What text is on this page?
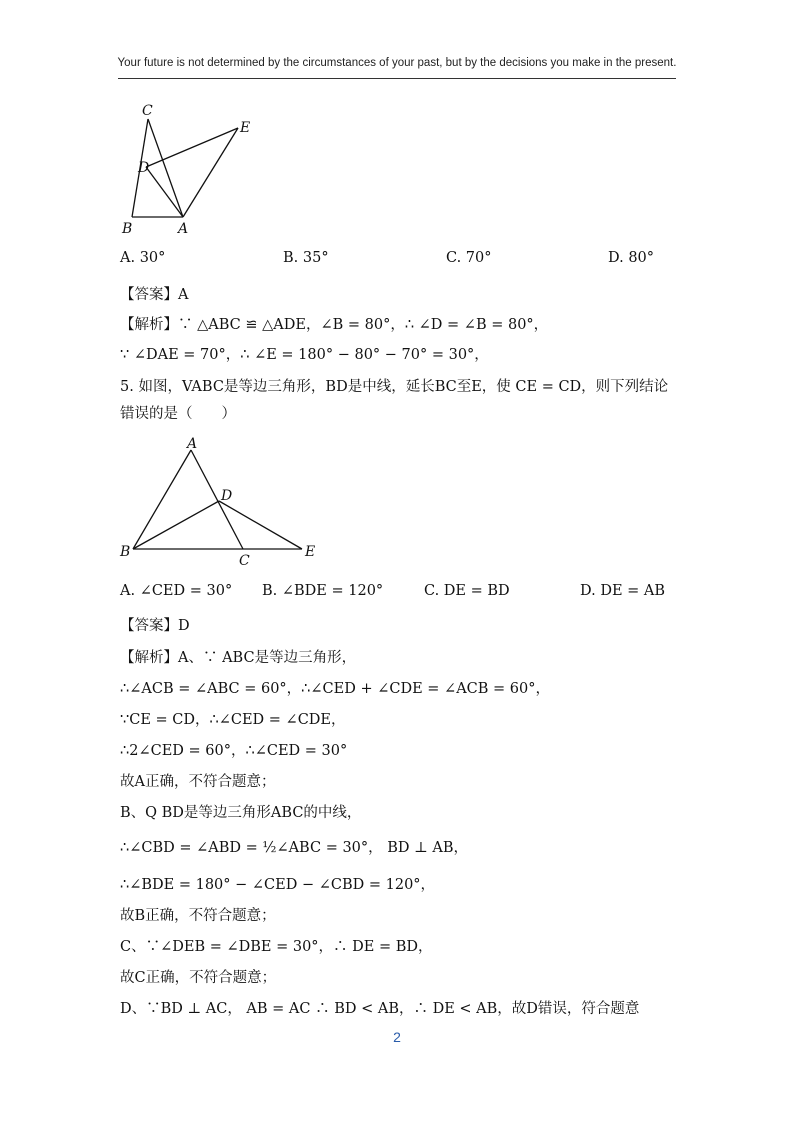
Your future is not determined by the circumstances of your past, but by the decisions you make in the present.
C
E
D
B	A
A. 30°	B. 35°	C. 70°	D. 80°
【答案】A
【解析】∵ △ABC ≌ △ADE，∠B = 80°，∴ ∠D = ∠B = 80°，
∵ ∠DAE = 70°，∴ ∠E = 180° − 80° − 70° = 30°，
5. 如图，VABC是等边三角形，BD是中线，延长BC至E，使 CE = CD，则下列结论
错误的是（　　）
A
D
B
C
E
A. ∠CED = 30° B. ∠BDE = 120°	C. DE = BD	D. DE = AB
【答案】D
【解析】A、∵ ABC是等边三角形，
∴∠ACB = ∠ABC = 60°，∴∠CED + ∠CDE = ∠ACB = 60°，
∵CE = CD，∴∠CED = ∠CDE，
∴2∠CED = 60°，∴∠CED = 30°
故A正确，不符合题意；
B、Q BD是等边三角形ABC的中线，
∴∠CBD = ∠ABD = ½∠ABC = 30°， BD ⊥ AB，
∴∠BDE = 180° − ∠CED − ∠CBD = 120°，
故B正确，不符合题意；
C、∵∠DEB = ∠DBE = 30°，∴ DE = BD，
故C正确，不符合题意；
D、∵BD ⊥ AC， AB = AC ∴ BD < AB，∴ DE < AB，故D错误，符合题意
2
